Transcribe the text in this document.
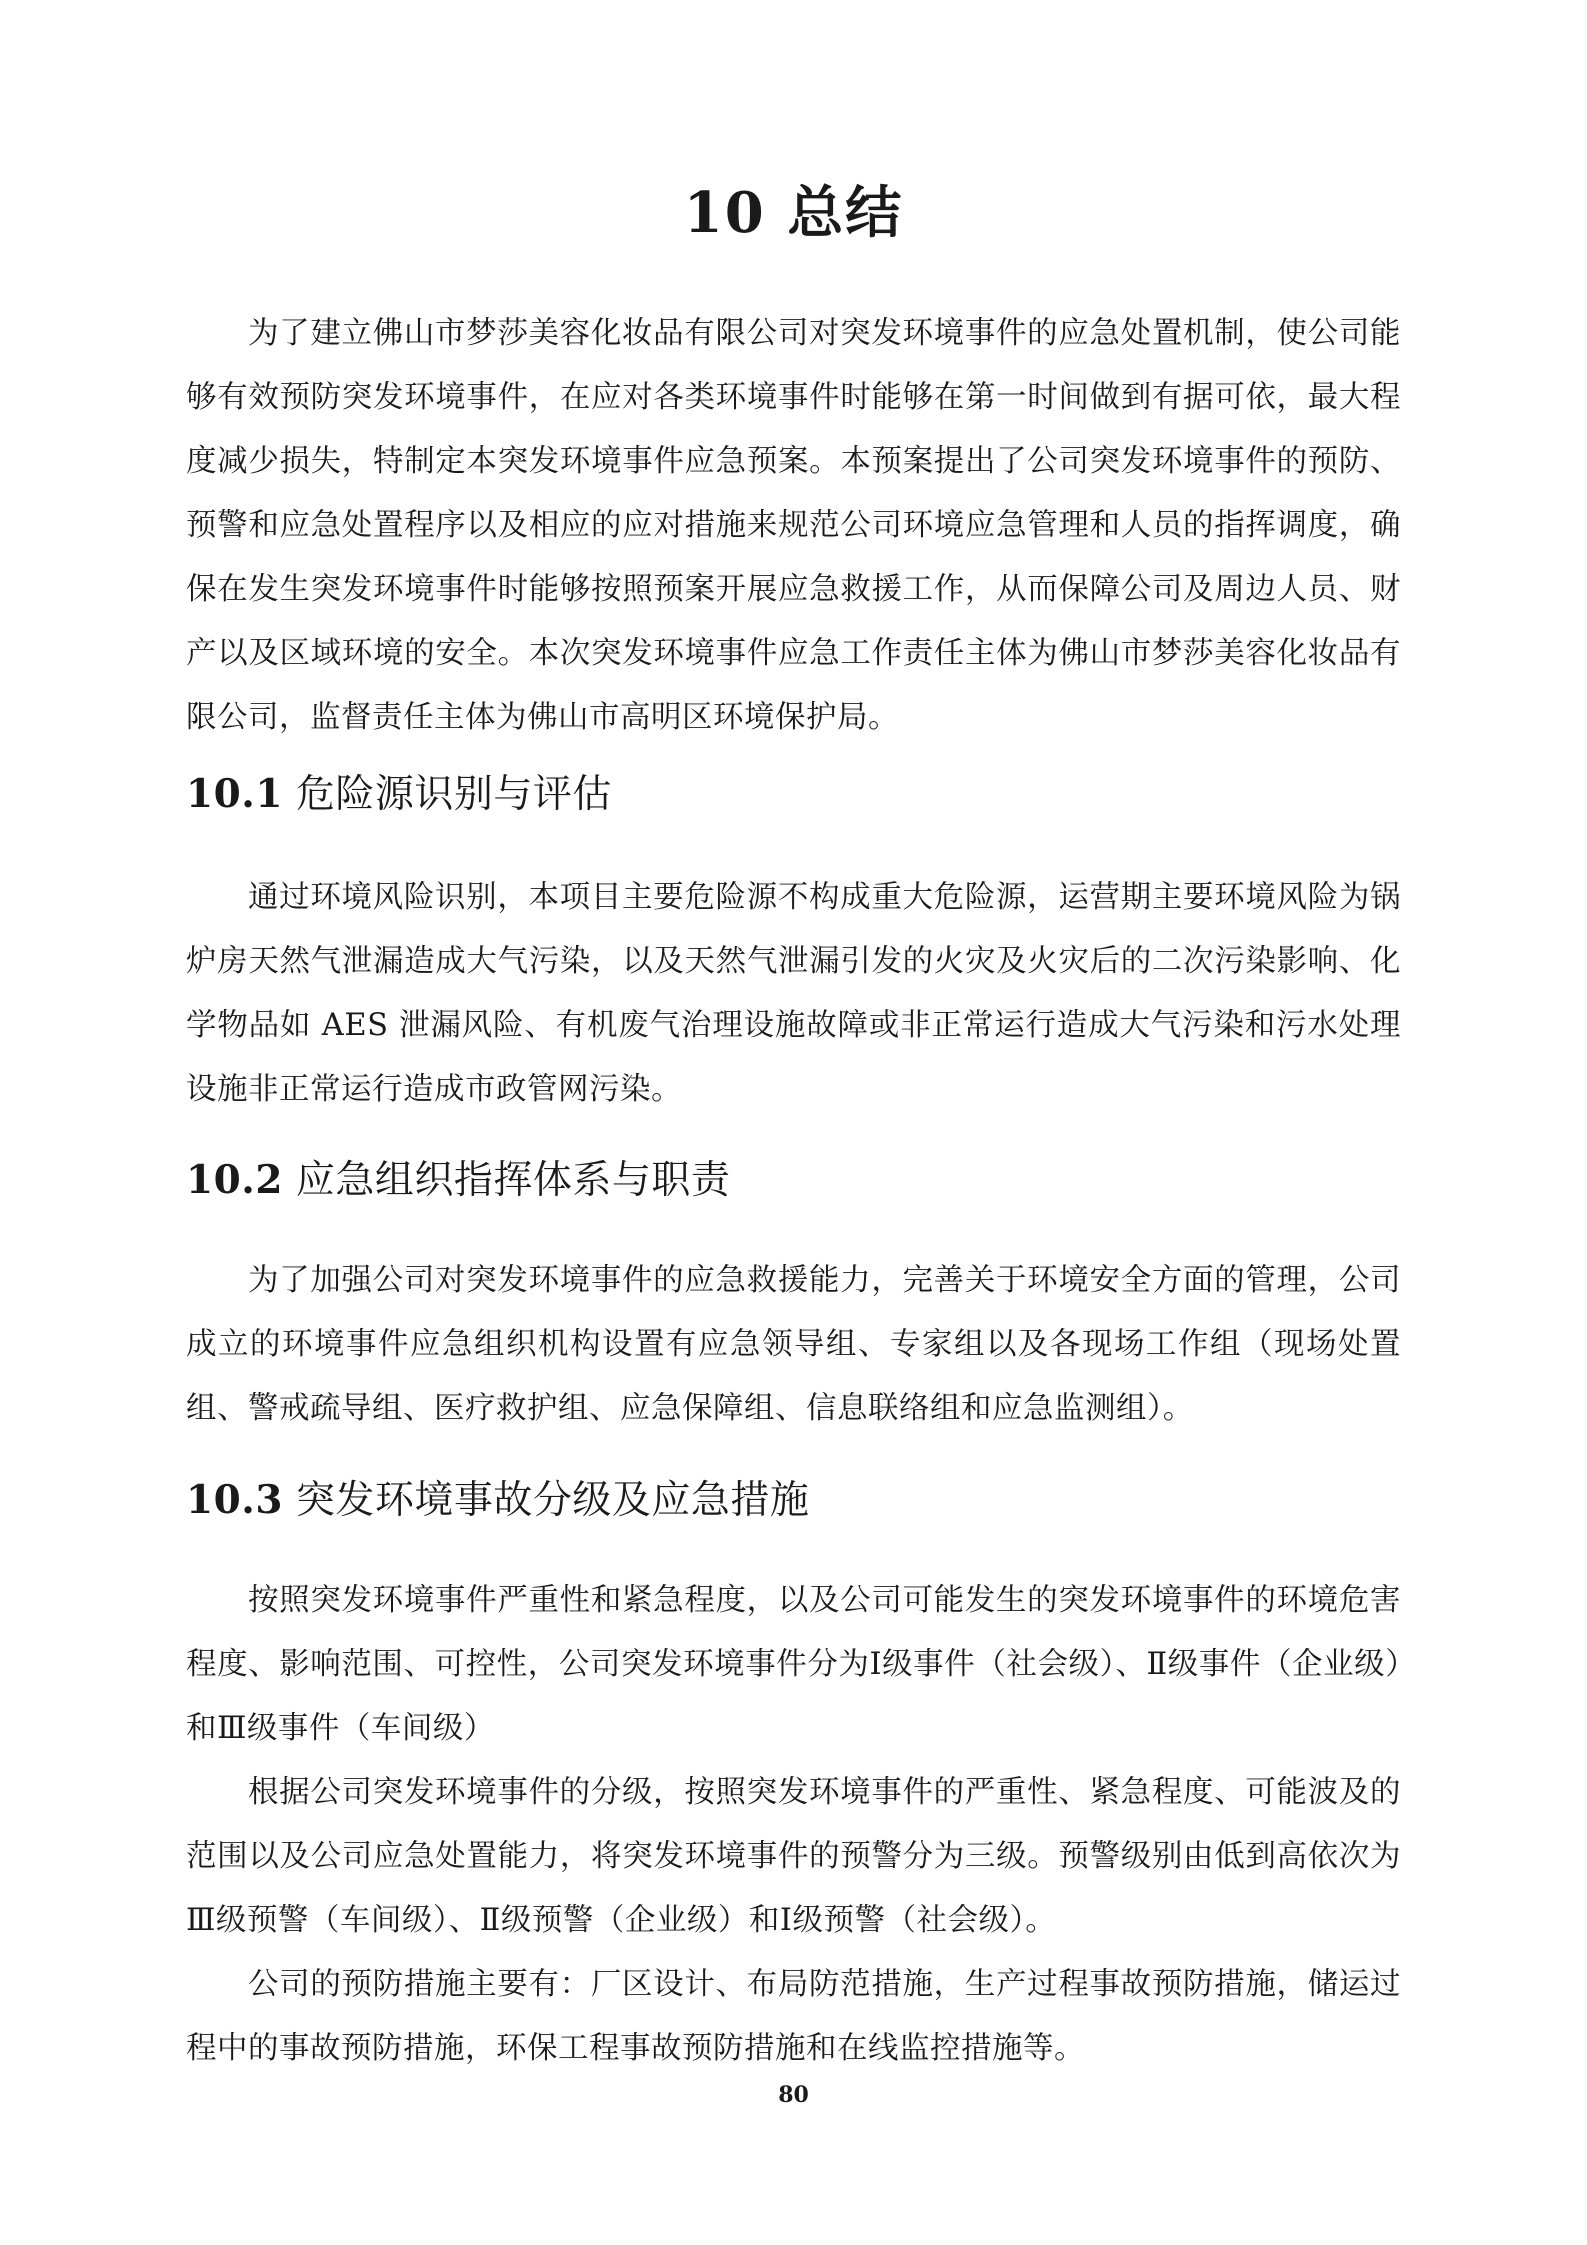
10 总结

为了建立佛山市梦莎美容化妆品有限公司对突发环境事件的应急处置机制，使公司能够有效预防突发环境事件，在应对各类环境事件时能够在第一时间做到有据可依，最大程度减少损失，特制定本突发环境事件应急预案。本预案提出了公司突发环境事件的预防、预警和应急处置程序以及相应的应对措施来规范公司环境应急管理和人员的指挥调度，确保在发生突发环境事件时能够按照预案开展应急救援工作，从而保障公司及周边人员、财产以及区域环境的安全。本次突发环境事件应急工作责任主体为佛山市梦莎美容化妆品有限公司，监督责任主体为佛山市高明区环境保护局。

10.1 危险源识别与评估

通过环境风险识别，本项目主要危险源不构成重大危险源，运营期主要环境风险为锅炉房天然气泄漏造成大气污染，以及天然气泄漏引发的火灾及火灾后的二次污染影响、化学物品如 AES 泄漏风险、有机废气治理设施故障或非正常运行造成大气污染和污水处理设施非正常运行造成市政管网污染。

10.2 应急组织指挥体系与职责

为了加强公司对突发环境事件的应急救援能力，完善关于环境安全方面的管理，公司成立的环境事件应急组织机构设置有应急领导组、专家组以及各现场工作组（现场处置组、警戒疏导组、医疗救护组、应急保障组、信息联络组和应急监测组）。

10.3 突发环境事故分级及应急措施

按照突发环境事件严重性和紧急程度，以及公司可能发生的突发环境事件的环境危害程度、影响范围、可控性，公司突发环境事件分为Ⅰ级事件（社会级）、Ⅱ级事件（企业级）和Ⅲ级事件（车间级）

根据公司突发环境事件的分级，按照突发环境事件的严重性、紧急程度、可能波及的范围以及公司应急处置能力，将突发环境事件的预警分为三级。预警级别由低到高依次为Ⅲ级预警（车间级）、Ⅱ级预警（企业级）和Ⅰ级预警（社会级）。

公司的预防措施主要有：厂区设计、布局防范措施，生产过程事故预防措施，储运过程中的事故预防措施，环保工程事故预防措施和在线监控措施等。

80
